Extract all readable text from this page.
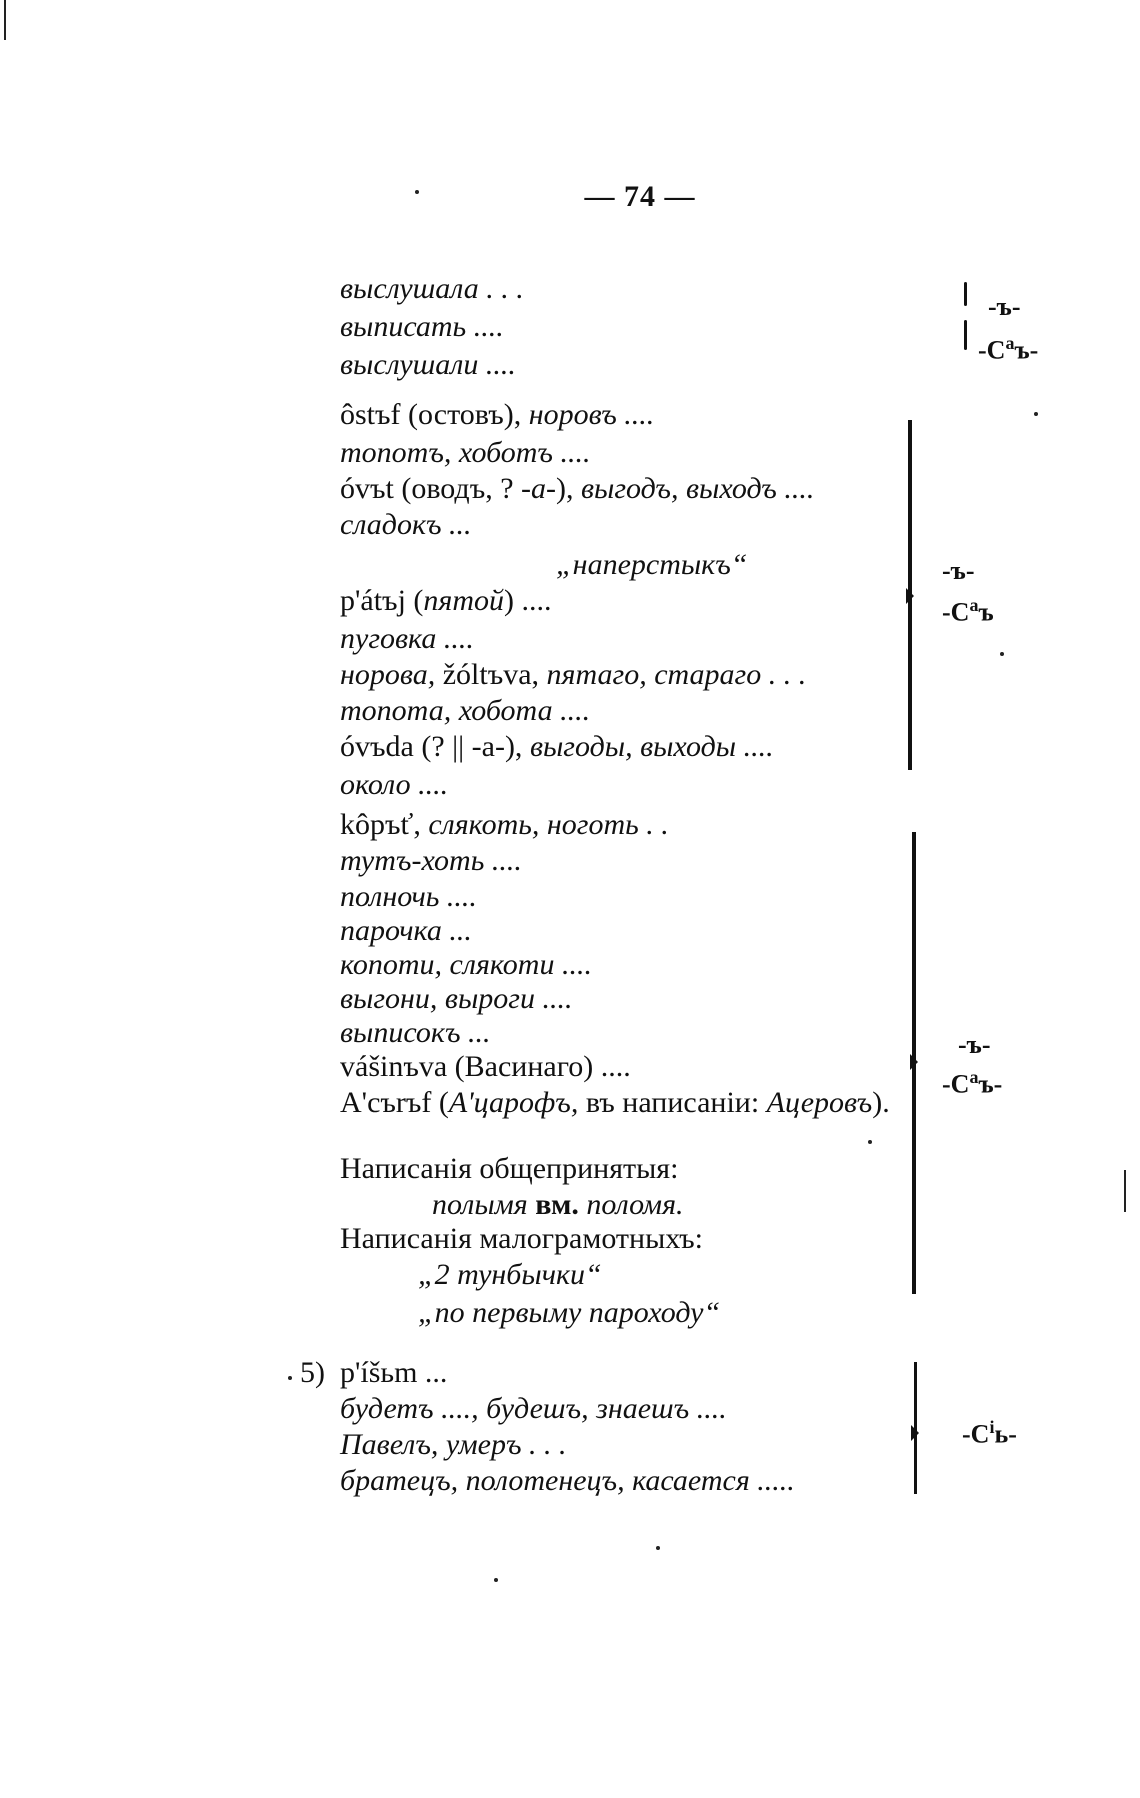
— 74 —
выслушала . . .
выписать ....
выслушали ....
-ъ-
$-С^аъ-$
ôstъf (остовъ), норовъ ....
топотъ, хоботъ ....
óvъt (оводъ, ? -a-), выгодъ, выходъ ....
сладокъ ...
„наперстыкъ“
p'átъj (пятой) ....
пуговка ....
норова, žóltъva, пятаго, стараго . . .
топота, хобота ....
óvъda (? || -a-), выгоды, выходы ....
около ....
-ъ-
$-С^аъ$
kôpъť, слякоть, ноготь . .
тутъ-хоть ....
полночь ....
парочка ...
копоти, слякоти ....
выгони, выроги ....
выписокъ ...
vášinъva (Васинаго) ....
A'съrъf (А'царофъ, въ написаніи: Ацеровъ).
Написанія общепринятыя:
полымя вм. поломя.
Написанія малограмотныхъ:
„2 тунбычки“
„по первыму пароходу“
-ъ-
$-С^аъ-$
5) p'íšьm ...
будетъ ...., будешъ, знаешъ ....
Павелъ, умеръ . . .
братецъ, полотенецъ, касается .....
$-С^іь-$
